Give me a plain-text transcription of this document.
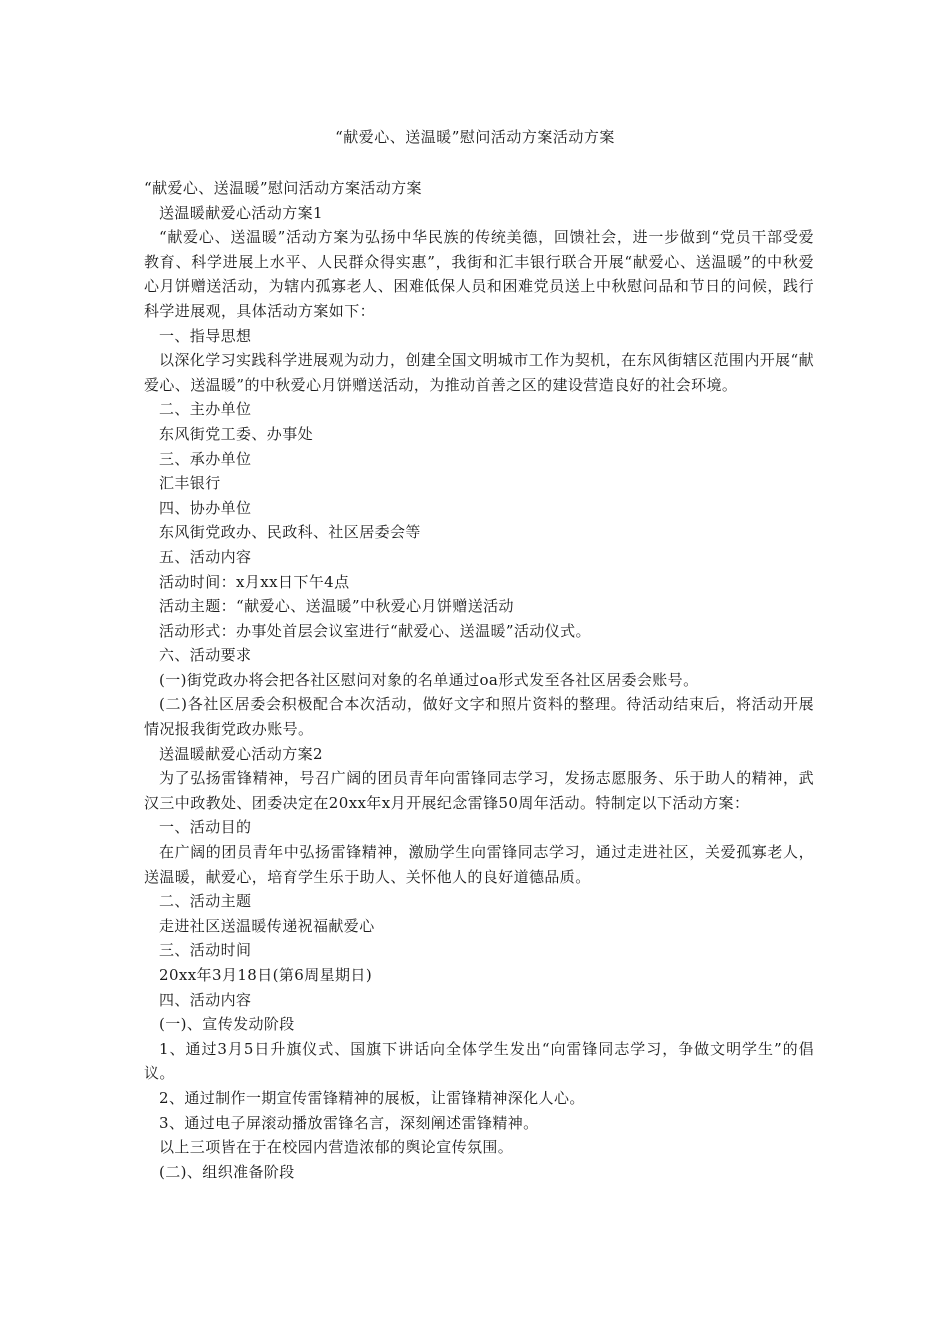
“献爱心、送温暖”慰问活动方案活动方案

“献爱心、送温暖”慰问活动方案活动方案

送温暖献爱心活动方案1

“献爱心、送温暖”活动方案为弘扬中华民族的传统美德，回馈社会，进一步做到“党员干部受爱教育、科学进展上水平、人民群众得实惠”，我街和汇丰银行联合开展“献爱心、送温暖”的中秋爱心月饼赠送活动，为辖内孤寡老人、困难低保人员和困难党员送上中秋慰问品和节日的问候，践行科学进展观，具体活动方案如下：

一、指导思想

以深化学习实践科学进展观为动力，创建全国文明城市工作为契机，在东风街辖区范围内开展“献爱心、送温暖”的中秋爱心月饼赠送活动，为推动首善之区的建设营造良好的社会环境。

二、主办单位

东风街党工委、办事处

三、承办单位

汇丰银行

四、协办单位

东风街党政办、民政科、社区居委会等

五、活动内容

活动时间：x月xx日下午4点

活动主题：“献爱心、送温暖”中秋爱心月饼赠送活动

活动形式：办事处首层会议室进行“献爱心、送温暖”活动仪式。

六、活动要求

(一)街党政办将会把各社区慰问对象的名单通过oa形式发至各社区居委会账号。

(二)各社区居委会积极配合本次活动，做好文字和照片资料的整理。待活动结束后，将活动开展情况报我街党政办账号。

送温暖献爱心活动方案2

为了弘扬雷锋精神，号召广阔的团员青年向雷锋同志学习，发扬志愿服务、乐于助人的精神，武汉三中政教处、团委决定在20xx年x月开展纪念雷锋50周年活动。特制定以下活动方案：

一、活动目的

在广阔的团员青年中弘扬雷锋精神，激励学生向雷锋同志学习，通过走进社区，关爱孤寡老人，送温暖，献爱心，培育学生乐于助人、关怀他人的良好道德品质。

二、活动主题

走进社区送温暖传递祝福献爱心

三、活动时间

20xx年3月18日(第6周星期日)

四、活动内容

(一)、宣传发动阶段

1、通过3月5日升旗仪式、国旗下讲话向全体学生发出“向雷锋同志学习，争做文明学生”的倡议。

2、通过制作一期宣传雷锋精神的展板，让雷锋精神深化人心。

3、通过电子屏滚动播放雷锋名言，深刻阐述雷锋精神。

以上三项皆在于在校园内营造浓郁的舆论宣传氛围。

(二)、组织准备阶段
